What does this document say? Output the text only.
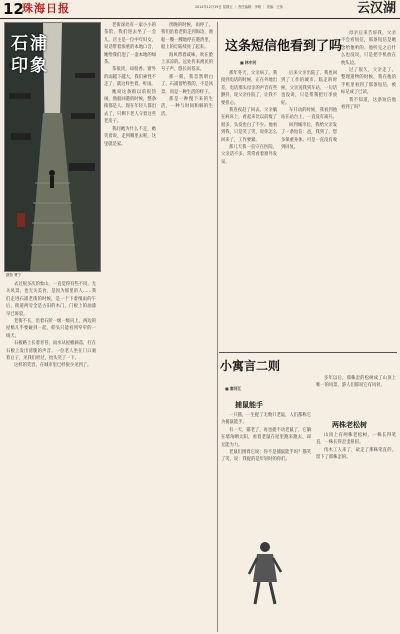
12
珠海日报	2014年12月19日 星期五 ｜ 责任编辑：李明 ｜ 美编：王伟	云汉湖
石浦印象
摄影 曹宁

去过很多次的象山，一直觉得有些不同。无关风景，也无关美食，是因为那里的人……我们走进石浦老街的时候，是一个下着细雨的午后，街道两旁全是古旧的木门，门板上的油漆早已斑驳。

老街不长，沿着石阶一级一级向上，两边的屋檐几乎要碰到一起，仰头只能看到窄窄的一线天。

石板路上长着青苔，雨水从屋檐滴落，打在石板上发出清脆的声音。一位老人坐在门口剥着豆子，见我们经过，抬头笑了一下。

这样的笑容，在城市里已经很少见到了。

老街深处有一家小小的茶馆，我们进去坐了一会儿。店主是一位中年妇女，说话带着浓重的本地口音，她给我们泡了一壶本地的绿茶。

茶很淡，却很香。窗外的雨越下越大，我们索性不走了，就这样坐着，听雨。

她说这条街以前很热闹，渔船回港的时候，整条街都是人。现在年轻人都出去了，只剩下老人守着这些老房子。

我问她为什么不走，她笑着说，走到哪里去呢，这里就是家。

傍晚的时候，雨停了。我们沿着老街走到海边，渔船一艘一艘地停在港湾里，船上的灯陆续亮了起来。

海风带着咸味，吹在脸上凉凉的。远处传来渔民的号子声，悠长而苍凉。

那一刻，我忽然明白了，石浦留给我的，不是风景，而是一种生活的样子。

那是一种慢下来的生活，一种与时间和解的生活。

这条短信他看到了吗
■ 林中河

那年冬天，父亲病了。我接到电话的时候，正在外地出差，电话那头母亲的声音有些颤抖，说父亲住院了，让我不要担心。

我连夜赶了回去。父亲躺在病床上，看起来比以前瘦了很多，头发也白了不少。他看到我，只是笑了笑，说你怎么回来了，工作要紧。

那几天我一直守在医院，父亲话不多，常常看着窗外发呆。

后来父亲出院了，我也回到了工作的城市。临走的时候，父亲送我到车站，一句话也没说，只是帮我把行李放好。

车开动的时候，我看到他站在站台上，一直没有离开。

回到城市后，我给父亲发了一条短信：爸，我到了，您多保重身体。可是一直没有收到回复。

母亲后来告诉我，父亲不会看短信，那条短信是她念给他听的。他听完之后什么也没说，只是把手机放在枕头边。

过了很久，父亲走了。整理遗物的时候，我在他的手机里看到了那条短信，被标记成了已读。

我不知道，这条短信他看到了吗？

小寓言二则
■ 秦河江
捕鼠能手

一只猫，一生捉了无数只老鼠，人们都称它为捕鼠能手。

有一天，猫老了，再也捉不动老鼠了，它躺在墙角晒太阳，看着老鼠在屋里跑来跑去，却无能为力。

老鼠们围着它说：你不是捕鼠能手吗？猫笑了笑，说：我捉的是年轻时的你们。

多年以后，那株歪的松树成了山顶上唯一的风景，游人们都说它有风骨。

两株老松树

山顶上有两株老松树，一株长得笔直，一株长得歪歪扭扭。

伐木工人来了，砍走了那株笔直的，留下了那株歪的。
